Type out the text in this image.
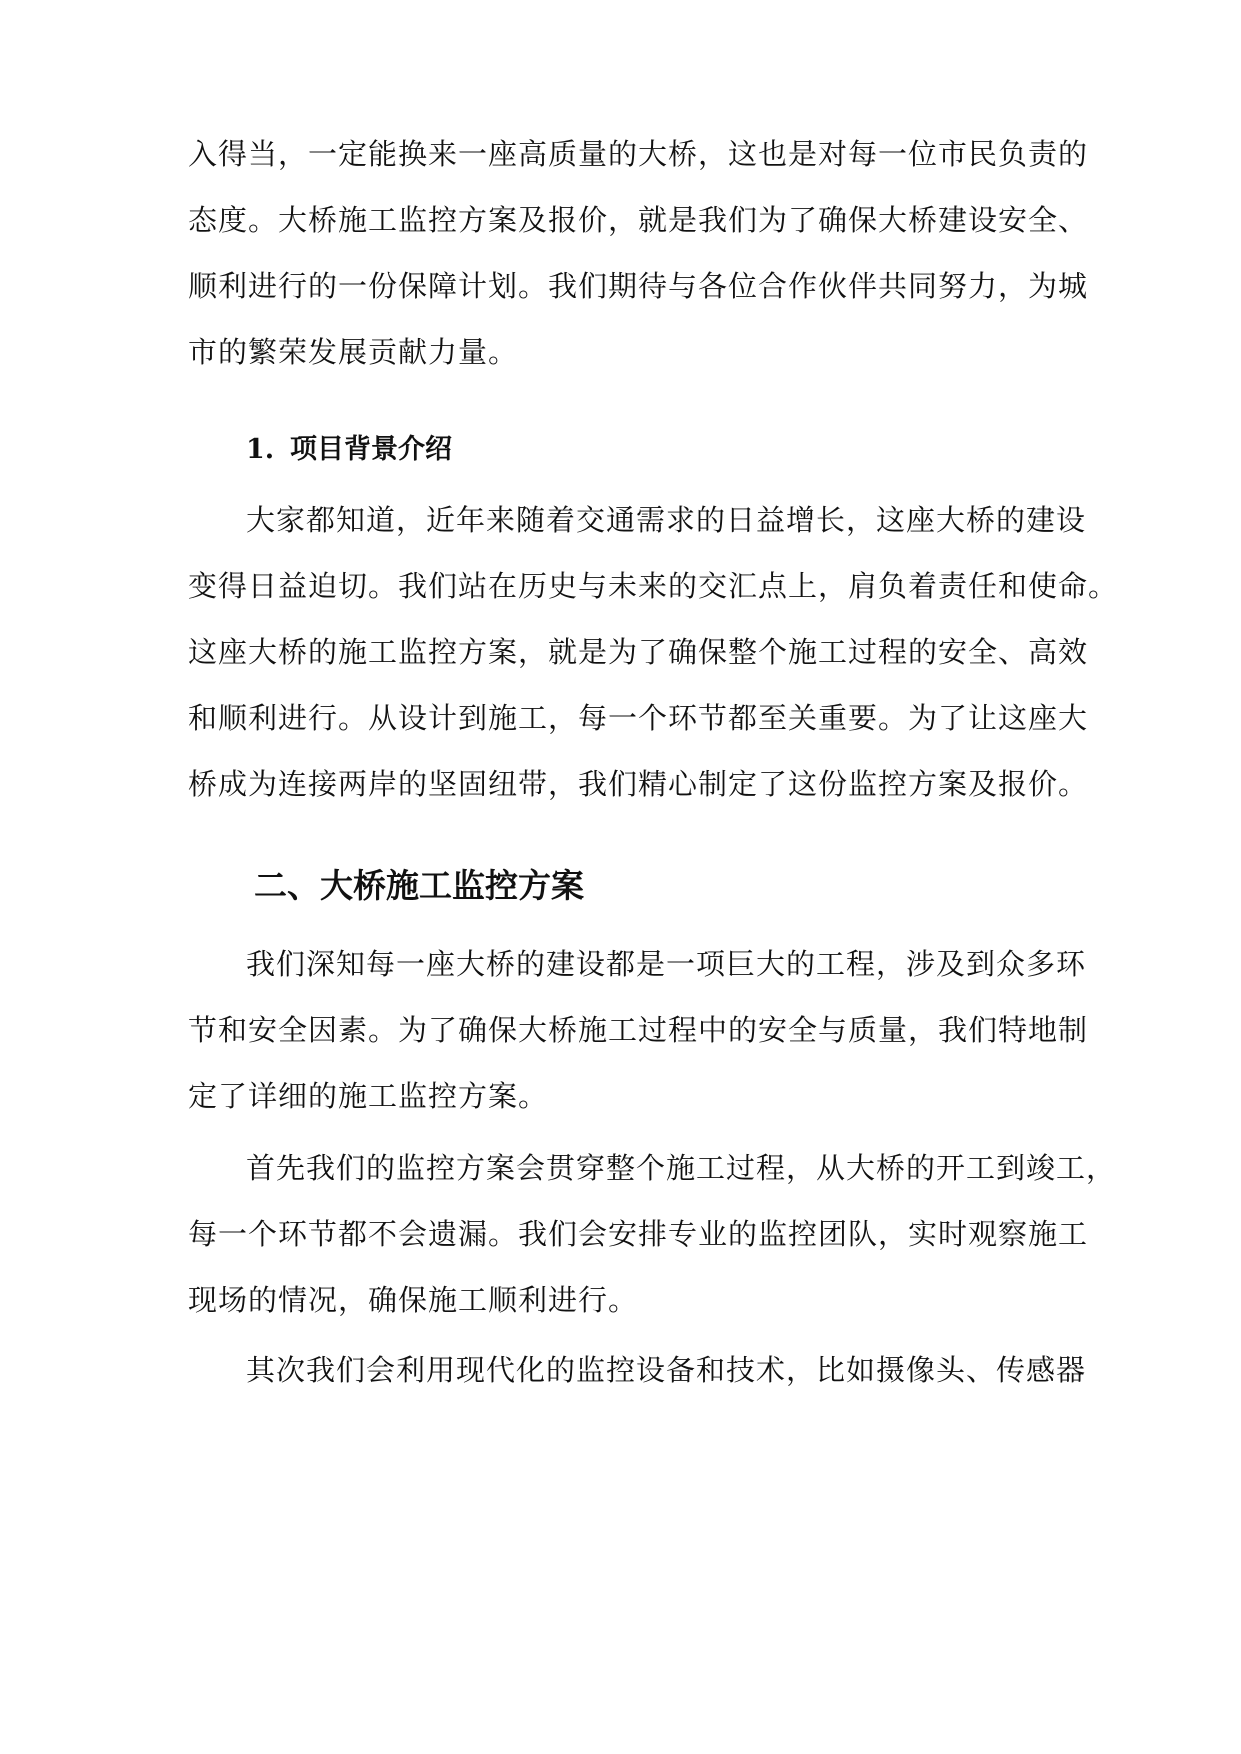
入得当，一定能换来一座高质量的大桥，这也是对每一位市民负责的
态度。大桥施工监控方案及报价，就是我们为了确保大桥建设安全、
顺利进行的一份保障计划。我们期待与各位合作伙伴共同努力，为城
市的繁荣发展贡献力量。
1. 项目背景介绍
大家都知道，近年来随着交通需求的日益增长，这座大桥的建设
变得日益迫切。我们站在历史与未来的交汇点上，肩负着责任和使命。
这座大桥的施工监控方案，就是为了确保整个施工过程的安全、高效
和顺利进行。从设计到施工，每一个环节都至关重要。为了让这座大
桥成为连接两岸的坚固纽带，我们精心制定了这份监控方案及报价。
二、大桥施工监控方案
我们深知每一座大桥的建设都是一项巨大的工程，涉及到众多环
节和安全因素。为了确保大桥施工过程中的安全与质量，我们特地制
定了详细的施工监控方案。
首先我们的监控方案会贯穿整个施工过程，从大桥的开工到竣工，
每一个环节都不会遗漏。我们会安排专业的监控团队，实时观察施工
现场的情况，确保施工顺利进行。
其次我们会利用现代化的监控设备和技术，比如摄像头、传感器
